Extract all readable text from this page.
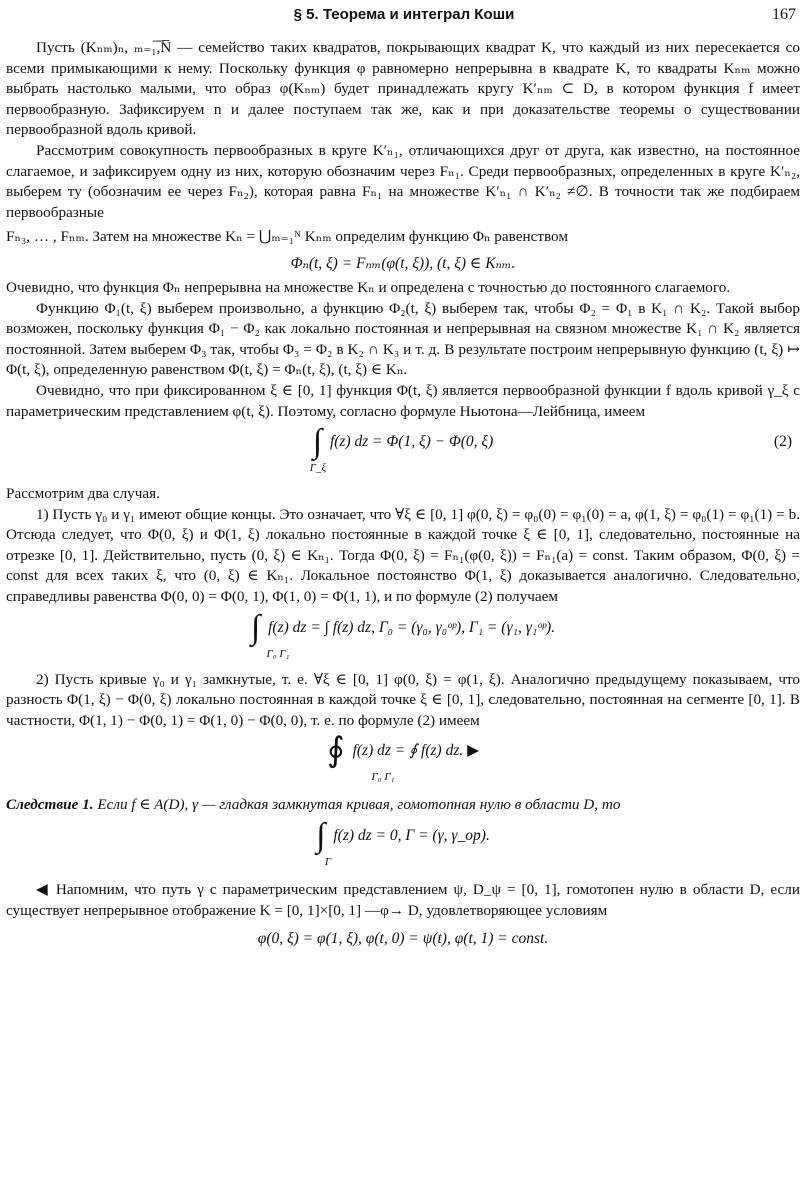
§ 5. Теорема и интеграл Коши	167

Пусть (Kₙₘ)ₙ, ₘ₌₁̅,̅N̅ — семейство таких квадратов, покрывающих квадрат K, что каждый из них пересекается со всеми примыкающими к нему. Поскольку функция φ равномерно непрерывна в квадрате K, то квадраты Kₙₘ можно выбрать настолько малыми, что образ φ(Kₙₘ) будет принадлежать кругу K′ₙₘ ⊂ D, в котором функция f имеет первообразную. Зафиксируем n и далее поступаем так же, как и при доказательстве теоремы о существовании первообразной вдоль кривой.

Рассмотрим совокупность первообразных в круге K′ₙ₁, отличающихся друг от друга, как известно, на постоянное слагаемое, и зафиксируем одну из них, которую обозначим через Fₙ₁. Среди первообразных, определенных в круге K′ₙ₂, выберем ту (обозначим ее через Fₙ₂), которая равна Fₙ₁ на множестве K′ₙ₁ ∩ K′ₙ₂ ≠∅. В точности так же подбираем первообразные

Fₙ₃, … , Fₙₘ. Затем на множестве Kₙ = ⋃ₘ₌₁ᴺ Kₙₘ определим функцию Φₙ равенством

Φₙ(t, ξ) = Fₙₘ(φ(t, ξ)), (t, ξ) ∈ Kₙₘ.

Очевидно, что функция Φₙ непрерывна на множестве Kₙ и определена с точностью до постоянного слагаемого.

Функцию Φ₁(t, ξ) выберем произвольно, а функцию Φ₂(t, ξ) выберем так, чтобы Φ₂ = Φ₁ в K₁ ∩ K₂. Такой выбор возможен, поскольку функция Φ₁ − Φ₂ как локально постоянная и непрерывная на связном множестве K₁ ∩ K₂ является постоянной. Затем выберем Φ₃ так, чтобы Φ₃ = Φ₂ в K₂ ∩ K₃ и т. д. В результате построим непрерывную функцию (t, ξ) ↦ Φ(t, ξ), определенную равенством Φ(t, ξ) = Φₙ(t, ξ), (t, ξ) ∈ Kₙ.

Очевидно, что при фиксированном ξ ∈ [0, 1] функция Φ(t, ξ) является первообразной функции f вдоль кривой γ_ξ с параметрическим представлением φ(t, ξ). Поэтому, согласно формуле Ньютона—Лейбница, имеем

∫ f(z) dz = Φ(1, ξ) − Φ(0, ξ)	(2)
Γ_ξ

Рассмотрим два случая.

1) Пусть γ₀ и γ₁ имеют общие концы. Это означает, что ∀ξ ∈ [0, 1] φ(0, ξ) = φ₀(0) = φ₁(0) = a, φ(1, ξ) = φ₀(1) = φ₁(1) = b. Отсюда следует, что Φ(0, ξ) и Φ(1, ξ) локально постоянные в каждой точке ξ ∈ [0, 1], следовательно, постоянные на отрезке [0, 1]. Действительно, пусть (0, ξ) ∈ Kₙ₁. Тогда Φ(0, ξ) = Fₙ₁(φ(0, ξ)) = Fₙ₁(a) = const. Таким образом, Φ(0, ξ) = const для всех таких ξ, что (0, ξ) ∈ Kₙ₁. Локальное постоянство Φ(1, ξ) доказывается аналогично. Следовательно, справедливы равенства Φ(0, 0) = Φ(0, 1), Φ(1, 0) = Φ(1, 1), и по формуле (2) получаем

∫ f(z) dz = ∫ f(z) dz, Γ₀ = (γ₀, γ₀ᵒᵖ), Γ₁ = (γ₁, γ₁ᵒᵖ).
Γ₀ Γ₁

2) Пусть кривые γ₀ и γ₁ замкнутые, т. е. ∀ξ ∈ [0, 1] φ(0, ξ) = φ(1, ξ). Аналогично предыдущему показываем, что разность Φ(1, ξ) − Φ(0, ξ) локально постоянная в каждой точке ξ ∈ [0, 1], следовательно, постоянная на сегменте [0, 1]. В частности, Φ(1, 1) − Φ(0, 1) = Φ(1, 0) − Φ(0, 0), т. е. по формуле (2) имеем

∮ f(z) dz = ∮ f(z) dz. ▶
Γ₀ Γ₁

Следствие 1. Если f ∈ A(D), γ — гладкая замкнутая кривая, гомотопная нулю в области D, то

∫ f(z) dz = 0, Γ = (γ, γ_op).
Γ

◀ Напомним, что путь γ с параметрическим представлением ψ, D_ψ = [0, 1], гомотопен нулю в области D, если существует непрерывное отображение K = [0, 1]×[0, 1] —φ→ D, удовлетворяющее условиям

φ(0, ξ) = φ(1, ξ), φ(t, 0) = ψ(t), φ(t, 1) = const.
